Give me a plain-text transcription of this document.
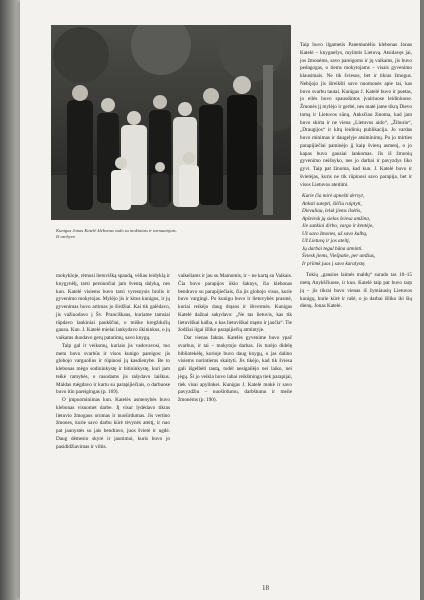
Kunigas Jonas Katelė klebonas sodo su mokiniais ir tarnautojais.
Iš archyvo

mokykloje, rėmusi lietuvišką spaudą, vėliau leidyklą ir knygynėlį, tarsi persiunčiai jam šventą dalyką, nes kun. Katelė visiems buvo tarsi vyresnysis brolis ir gyvenimo mokytojas. Mylėjo jis ir kitus kunigus, ir jų gyvenimas buvo artimas jo širdžiai. Kai tik galėdavo, jis važiuodavo į Šv. Pranciškaus, kuriame tamsiai tūpdavo lankiniai paukščiai, o miške kregždučių gausu. Kun. J. Katelė mielai lankydavo ūkininkus, o jų vaikams duodavo gerų patarimų, savo knygų.

Taip gal ir veiksmų, kuriais jis vadovavosi, tuo metu buvo svarbūs ir visos kunigo pareigos: jis globojo varguolius ir rūpinosi jų kasdienybe. Be to klebonas mėgo sodininkystę ir bitininkystę, kuri jam teikė ramybės, o rasodams jis rašydavo laiškus. Maldas mėgdavo ir kartu su parapijiečiais, o darbuose buvo itin pareigingas (p. 169).

O įmpuominimas kun. Katelės asmenybės buvo klebonas visuomet darbe. Jį visur lydėdavo tikras lietuvio žmogaus orumas ir nuoširdumas. Jis vertino žmones, kurie savo darbu kūrė tėvynės ateitį, ir nuo pat jaunystės su jais bendravo, juos švietė ir ugdė. Daug dėmesio skyrė ir jaunimui, kuris buvo jo pasididžiavimas ir viltis.

vaikeliams ir jau su Mamomis, ir – ne kartą su Vaikais. Čia buvo parapijos ūkio šaknys, čia klebonas bendravo su parapijiečiais, čia jis globojo visus, kurie buvo vargingi. Po kunigu buvo ir lietuvybės prasmė, kuriai reikėjo daug drąsos ir ištvermės. Kunigas Katelė dažnai sakydavo: „Ne tas lietuvis, kas tik lietuviškai kalba, o kas lietuviškai mąsto ir jaučia“. Tie žodžiai ilgai išliko parapijiečių atmintyje.

Dar vienas faktas. Katelės gyvenime buvo ypač svarbus, ir tai – mokytojo darbas. Jis turėjo didelę bibliotekėlę, kurioje buvo daug knygų, o jas dalino visiems norintiems skaityti. Jis tikėjo, kad tik šviesa gali išgelbėti tautą, todėl nesigailėjo nei laiko, nei jėgų. Ši jo veikla buvo labai reikšminga tiek parapijai, tiek visai apylinkei. Kunigas J. Katelė mokė ir savo pavyzdžiu – nuoširdumu, darbštumu ir meile žmonėms (p. 190).

Taip buvo ilgametis Panemunėlio klebonas Jonas Katelė – knygnešys, mylintis Lietuvą. Atsidavęs jai, jos žmonėms, savo pareigoms ir jų vaikams, jis buvo pedagogas, o tiems mokytojams – visais gyvenimo klausimais. Ne tik šviesus, bet ir tikras žmogus. Nebijojo jis išreikšti savo nuomonės apie tai, kas buvo svarbu tautai. Kunigas J. Katelė buvo ir poetas, jo eilės buvo spausdintos įvairiuose leidiniuose. Žmonės jį mylėjo ir gerbė, nes matė jame tikrą Dievo tarną ir Lietuvos sūnų. Anksčiau žinoma, kad jam buvo skirta ir ne viena „Lietuvos aido“, „Žiburio“, „Draugijos“ ir kitų leidinių publikacija. Jo vardas buvo minimas ir daugelyje atsiminimų. Po jo mirties parapijiečiai paminėjo jį kaip šviesų asmenį, o jo kapas buvo gausiai lankomas. Jis iš žmonių gyvenimo neišnyko, nes jo darbai ir pavyzdys liko gyvi. Taip pat žinoma, kad kun. J. Katelė buvo ir švietėjas, kuris ne tik rūpinosi savo parapija, bet ir visos Lietuvos ateitimi.

Kurie čia mirė apnešti dervyt,
Anksti sutepti, šilčiu raiptyti,
Dievuliau, leisk jiems ilsėtis,
Apšviesk jų sielas šviesa amžina,
Jie sunkiai dirbo, vargo ir kentėjo,
Už savo žmones, už savo kalbą,
Už Lietuvą ir jos ateitį,
Jų darbai tegul būna atminti.
Šviesk jiems, Viešpatie, per amžius,
Ir priimk juos į savo karalystę.

Tokių „gausios laimės maldų“ surado tas 10–15 metų Anykščiuose, ir kun. Katelė taip pat buvo tarp jų – jis tikrai buvo vienas iš žymiausių Lietuvos kunigų, kurie kūrė ir rašė, o jo darbai išliko iki šių dienų. Jonas Katelė.

18
